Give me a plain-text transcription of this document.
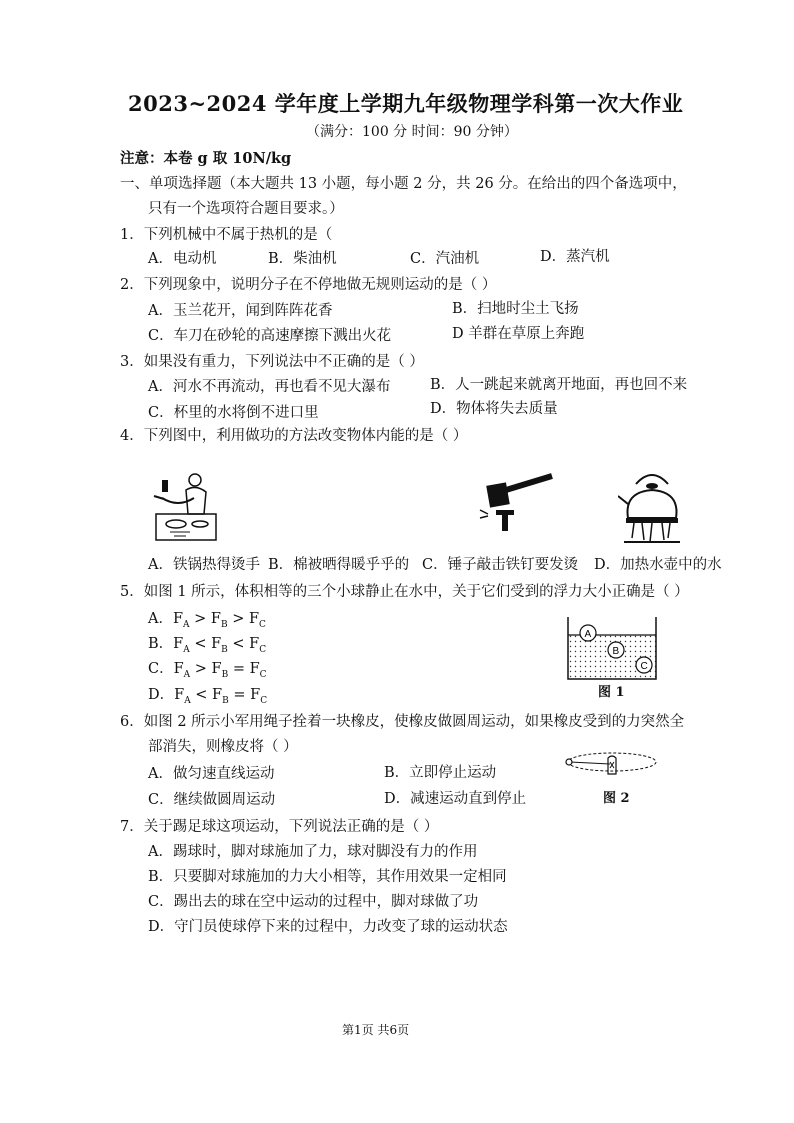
2023~2024 学年度上学期九年级物理学科第一次大作业
（满分：100 分 时间：90 分钟）
注意：本卷 g 取 10N/kg
一、单项选择题（本大题共 13 小题，每小题 2 分，共 26 分。在给出的四个备选项中，
只有一个选项符合题目要求。）
1．下列机械中不属于热机的是（
A．电动机	B．柴油机	C．汽油机	D．蒸汽机
2．下列现象中，说明分子在不停地做无规则运动的是（ ）
A．玉兰花开，闻到阵阵花香	B．扫地时尘土飞扬
C．车刀在砂轮的高速摩擦下溅出火花	D 羊群在草原上奔跑
3．如果没有重力，下列说法中不正确的是（ ）
A．河水不再流动，再也看不见大瀑布	B．人一跳起来就离开地面，再也回不来
C．杯里的水将倒不进口里	D．物体将失去质量
4．下列图中，利用做功的方法改变物体内能的是（ ）
A．铁锅热得烫手 B．棉被晒得暖乎乎的 C．锤子敲击铁钉要发烫 D．加热水壶中的水
5．如图 1 所示，体积相等的三个小球静止在水中，关于它们受到的浮力大小正确是（ ）
A．$F_A > F_B > F_C$
B．$F_A < F_B < F_C$
C．$F_A > F_B = F_C$
D．$F_A < F_B = F_C$
A
B
C
图 1
6．如图 2 所示小军用绳子拴着一块橡皮，使橡皮做圆周运动，如果橡皮受到的力突然全
部消失，则橡皮将（ ）
A．做匀速直线运动	B．立即停止运动
C．继续做圆周运动	D．减速运动直到停止	图 2
7．关于踢足球这项运动，下列说法正确的是（ ）
A．踢球时，脚对球施加了力，球对脚没有力的作用
B．只要脚对球施加的力大小相等，其作用效果一定相同
C．踢出去的球在空中运动的过程中，脚对球做了功
D．守门员使球停下来的过程中，力改变了球的运动状态
第1页 共6页
